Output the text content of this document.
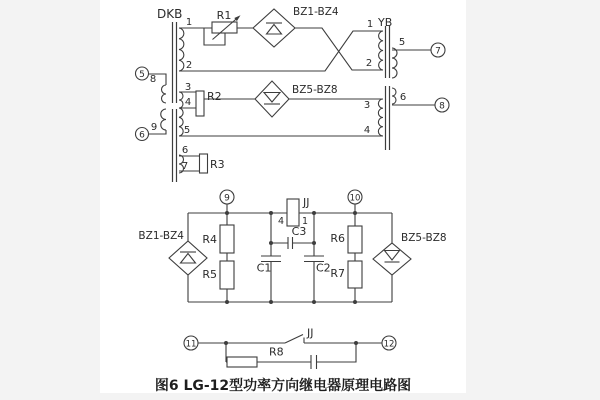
DKB
YB
1
2
3
4
5
6
7
8
9
1
2
3
4
5
6
R1
R2
R3
BZ1-BZ4
BZ5-BZ8
5
6
7
8
BZ1-BZ4	BZ5-BZ8
R4
R5
R6
R7
C1	C2
C3
JJ
4 1
9	10
JJ
R8
11	12
图6 LG-12型功率方向继电器原理电路图
